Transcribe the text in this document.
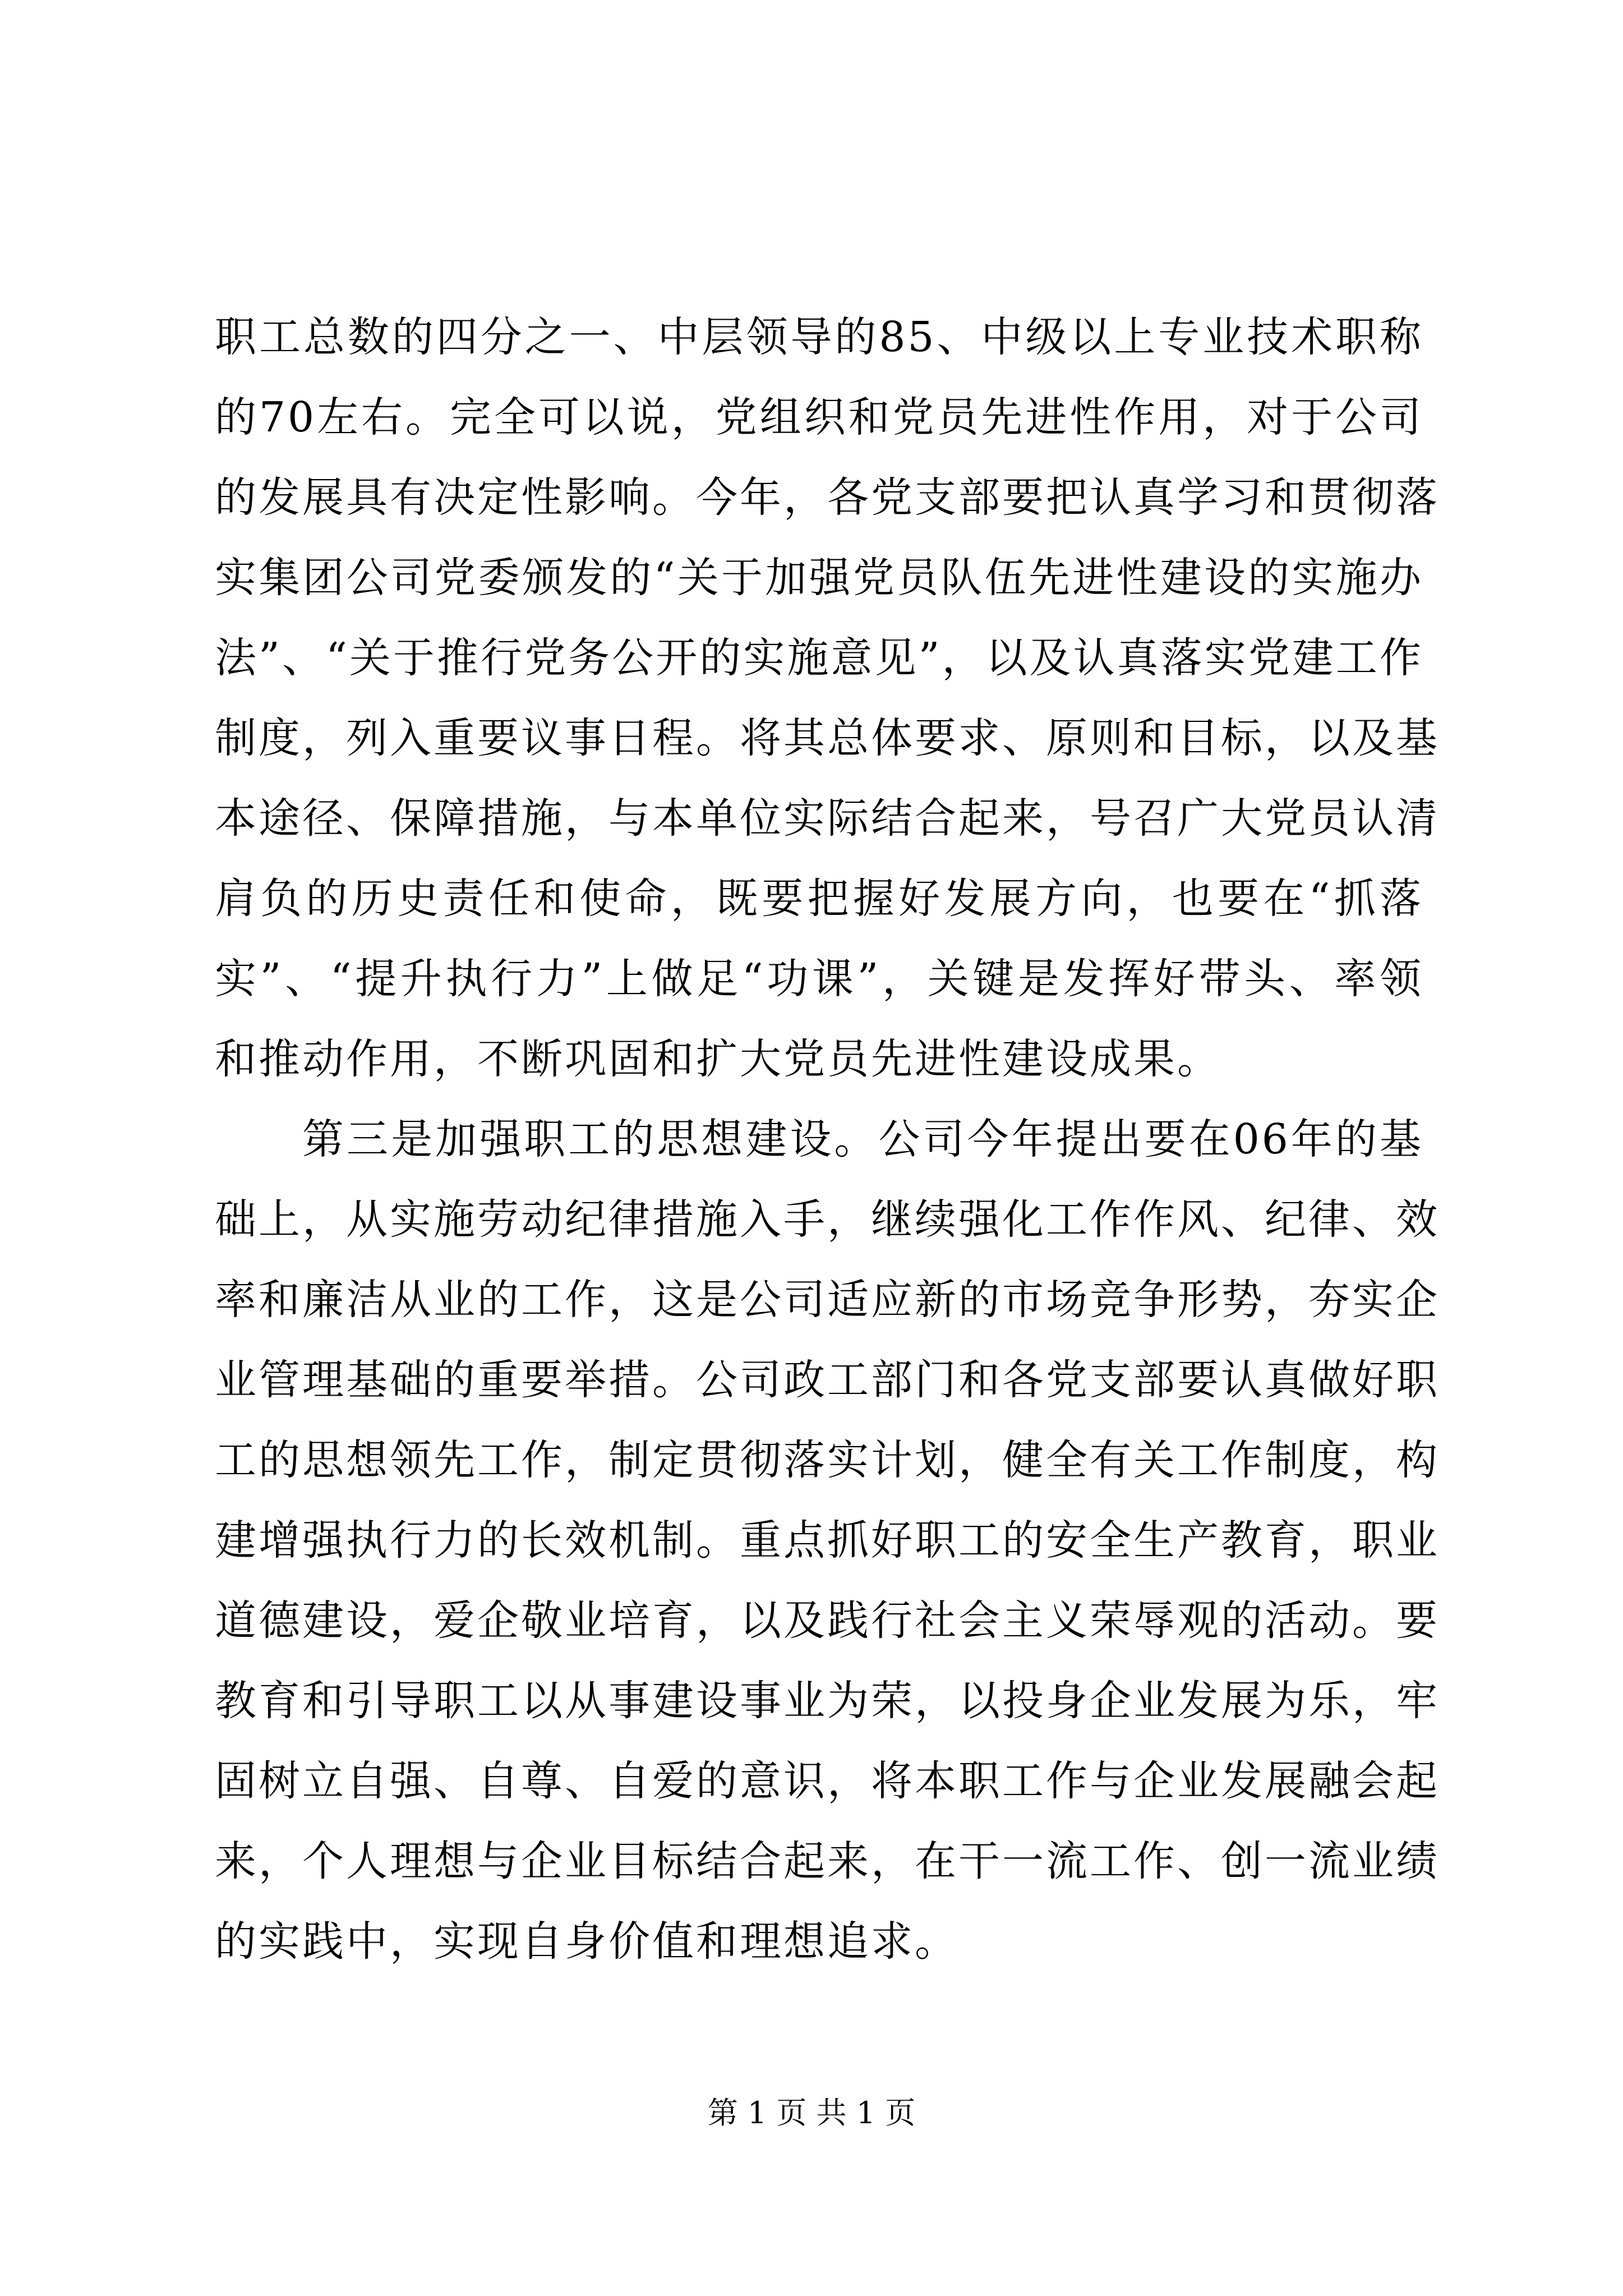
职工总数的四分之一、中层领导的85、中级以上专业技术职称
的70左右。完全可以说，党组织和党员先进性作用，对于公司
的发展具有决定性影响。今年，各党支部要把认真学习和贯彻落
实集团公司党委颁发的“关于加强党员队伍先进性建设的实施办
法”、“关于推行党务公开的实施意见”，以及认真落实党建工作
制度，列入重要议事日程。将其总体要求、原则和目标，以及基
本途径、保障措施，与本单位实际结合起来，号召广大党员认清
肩负的历史责任和使命，既要把握好发展方向，也要在“抓落
实”、“提升执行力”上做足“功课”，关键是发挥好带头、率领
和推动作用，不断巩固和扩大党员先进性建设成果。
第三是加强职工的思想建设。公司今年提出要在06年的基
础上，从实施劳动纪律措施入手，继续强化工作作风、纪律、效
率和廉洁从业的工作，这是公司适应新的市场竞争形势，夯实企
业管理基础的重要举措。公司政工部门和各党支部要认真做好职
工的思想领先工作，制定贯彻落实计划，健全有关工作制度，构
建增强执行力的长效机制。重点抓好职工的安全生产教育，职业
道德建设，爱企敬业培育，以及践行社会主义荣辱观的活动。要
教育和引导职工以从事建设事业为荣，以投身企业发展为乐，牢
固树立自强、自尊、自爱的意识，将本职工作与企业发展融会起
来，个人理想与企业目标结合起来，在干一流工作、创一流业绩
的实践中，实现自身价值和理想追求。
第 1 页 共 1 页
